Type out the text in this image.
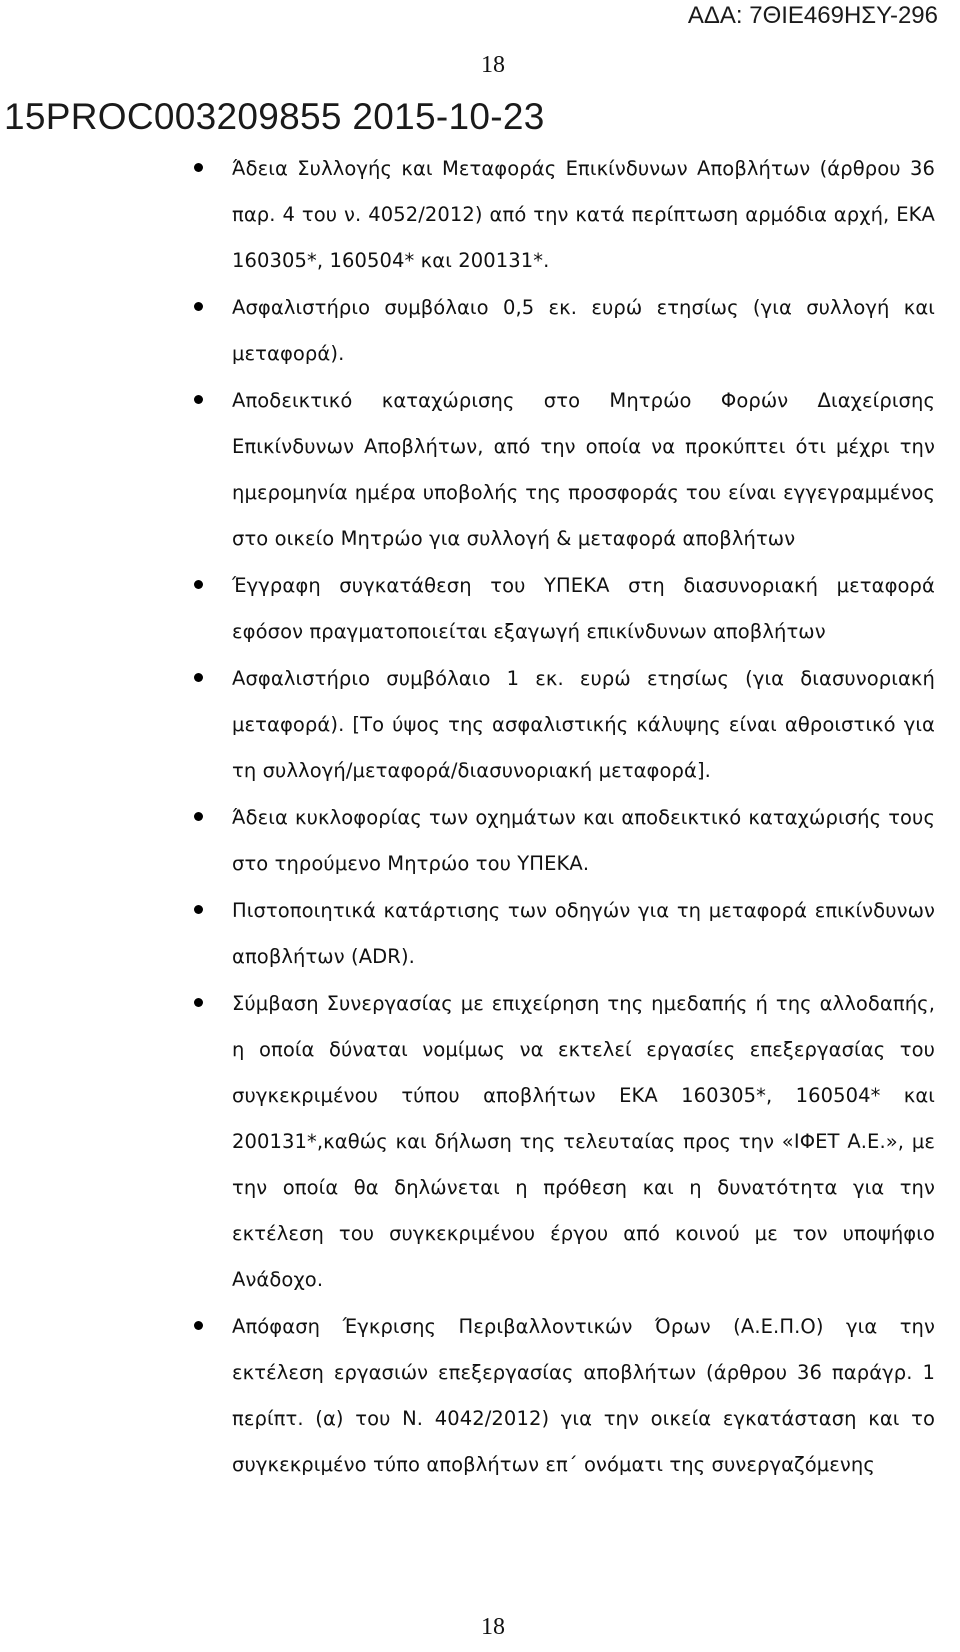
ΑΔΑ: 7ΘΙΕ469ΗΣΥ-296
18
15PROC003209855 2015-10-23
Άδεια Συλλογής και Μεταφοράς Επικίνδυνων Αποβλήτων (άρθρου 36 παρ. 4 του ν. 4052/2012) από την κατά περίπτωση αρμόδια αρχή, ΕΚΑ 160305*, 160504* και 200131*.
Ασφαλιστήριο συμβόλαιο 0,5 εκ. ευρώ ετησίως (για συλλογή και μεταφορά).
Αποδεικτικό καταχώρισης στο Μητρώο Φορών Διαχείρισης Επικίνδυνων Αποβλήτων, από την οποία να προκύπτει ότι μέχρι την ημερομηνία ημέρα υποβολής της προσφοράς του είναι εγγεγραμμένος στο οικείο Μητρώο για συλλογή & μεταφορά αποβλήτων
Έγγραφη συγκατάθεση του ΥΠΕΚΑ στη διασυνοριακή μεταφορά εφόσον πραγματοποιείται εξαγωγή επικίνδυνων αποβλήτων
Ασφαλιστήριο συμβόλαιο 1 εκ. ευρώ ετησίως (για διασυνοριακή μεταφορά). [Το ύψος της ασφαλιστικής κάλυψης είναι αθροιστικό για τη συλλογή/μεταφορά/διασυνοριακή μεταφορά].
Άδεια κυκλοφορίας των οχημάτων και αποδεικτικό καταχώρισής τους στο τηρούμενο Μητρώο του ΥΠΕΚΑ.
Πιστοποιητικά κατάρτισης των οδηγών για τη μεταφορά επικίνδυνων αποβλήτων (ADR).
Σύμβαση Συνεργασίας με επιχείρηση της ημεδαπής ή της αλλοδαπής, η οποία δύναται νομίμως να εκτελεί εργασίες επεξεργασίας του συγκεκριμένου τύπου αποβλήτων ΕΚΑ 160305*, 160504* και 200131*,καθώς και δήλωση της τελευταίας προς την «ΙΦΕΤ Α.Ε.», με την οποία θα δηλώνεται η πρόθεση και η δυνατότητα για την εκτέλεση του συγκεκριμένου έργου από κοινού με τον υποψήφιο Ανάδοχο.
Απόφαση Έγκρισης Περιβαλλοντικών Όρων (Α.Ε.Π.Ο) για την εκτέλεση εργασιών επεξεργασίας αποβλήτων (άρθρου 36 παράγρ. 1 περίπτ. (α) του Ν. 4042/2012) για την οικεία εγκατάσταση και το συγκεκριμένο τύπο αποβλήτων επ΄ ονόματι της συνεργαζόμενης
18
